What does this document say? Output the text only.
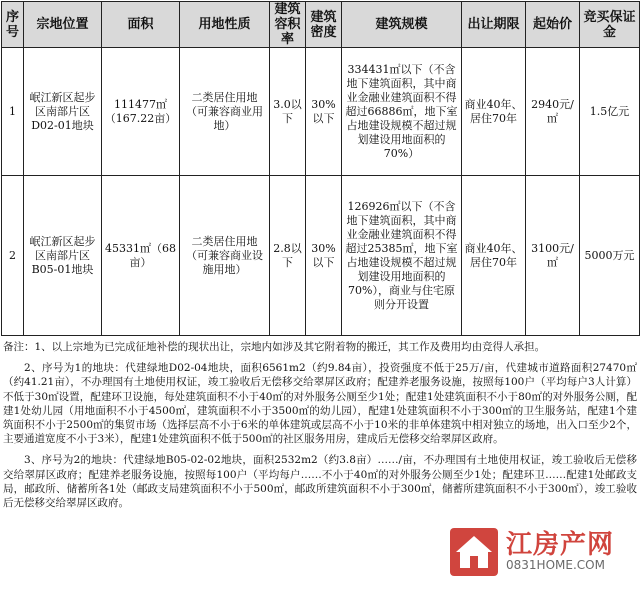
序号	宗地位置	面积	用地性质	建筑容积率	建筑密度	建筑规模	出让期限	起始价	竞买保证金
1	岷江新区起步区南部片区D02-01地块	111477㎡（167.22亩）	二类居住用地（可兼容商业用地）	3.0以下	30%以下	334431㎡以下（不含地下建筑面积，其中商业金融业建筑面积不得超过66886㎡，地下室占地建设规模不超过规划建设用地面积的70%）	商业40年、居住70年	2940元/㎡	1.5亿元
2	岷江新区起步区南部片区B05-01地块	45331㎡（68亩）	二类居住用地（可兼容商业设施用地）	2.8以下	30%以下	126926㎡以下（不含地下建筑面积，其中商业金融业建筑面积不得超过25385㎡，地下室占地建设规模不超过规划建设用地面积的70%），商业与住宅原则分开设置	商业40年、居住70年	3100元/㎡	5000万元

备注：1、以上宗地为已完成征地补偿的现状出让，宗地内如涉及其它附着物的搬迁，其工作及费用均由竞得人承担。

2、序号为1的地块：代建绿地D02-04地块，面积6561m2（约9.84亩），投资强度不低于25万/亩，代建城市道路面积27470㎡（约41.21亩），不办理国有土地使用权证，竣工验收后无偿移交给翠屏区政府；配建养老服务设施，按照每100户（平均每户3人计算）不低于30㎡设置，配建环卫设施，每处建筑面积不小于40㎡的对外服务公厕至少1处；配建1处建筑面积不小于80㎡的对外服务公厕，配建1处幼儿园（用地面积不小于4500㎡，建筑面积不小于3500㎡的幼儿园），配建1处建筑面积不小于300㎡的卫生服务站，配建1个建筑面积不小于2500㎡的集贸市场（选择层高不小于6米的单体建筑或层高不小于10米的非单体建筑中相对独立的场地，出入口至少2个，主要通道宽度不小于3米），配建1处建筑面积不低于500㎡的社区服务用房，建成后无偿移交给翠屏区政府。

3、序号为2的地块：代建绿地B05-02-02地块，面积2532m2（约3.8亩）……/亩，不办理国有土地使用权证，竣工验收后无偿移交给翠屏区政府；配建养老服务设施，按照每100户（平均每户……不小于40㎡的对外服务公厕至少1处；配建环卫……配建1处邮政支局，邮政所、储蓄所各1处（邮政支局建筑面积不小于500㎡，邮政所建筑面积不小于300㎡，储蓄所建筑面积不小于300㎡），竣工验收后无偿移交给翠屏区政府。

江房产网
0831HOME.COM
